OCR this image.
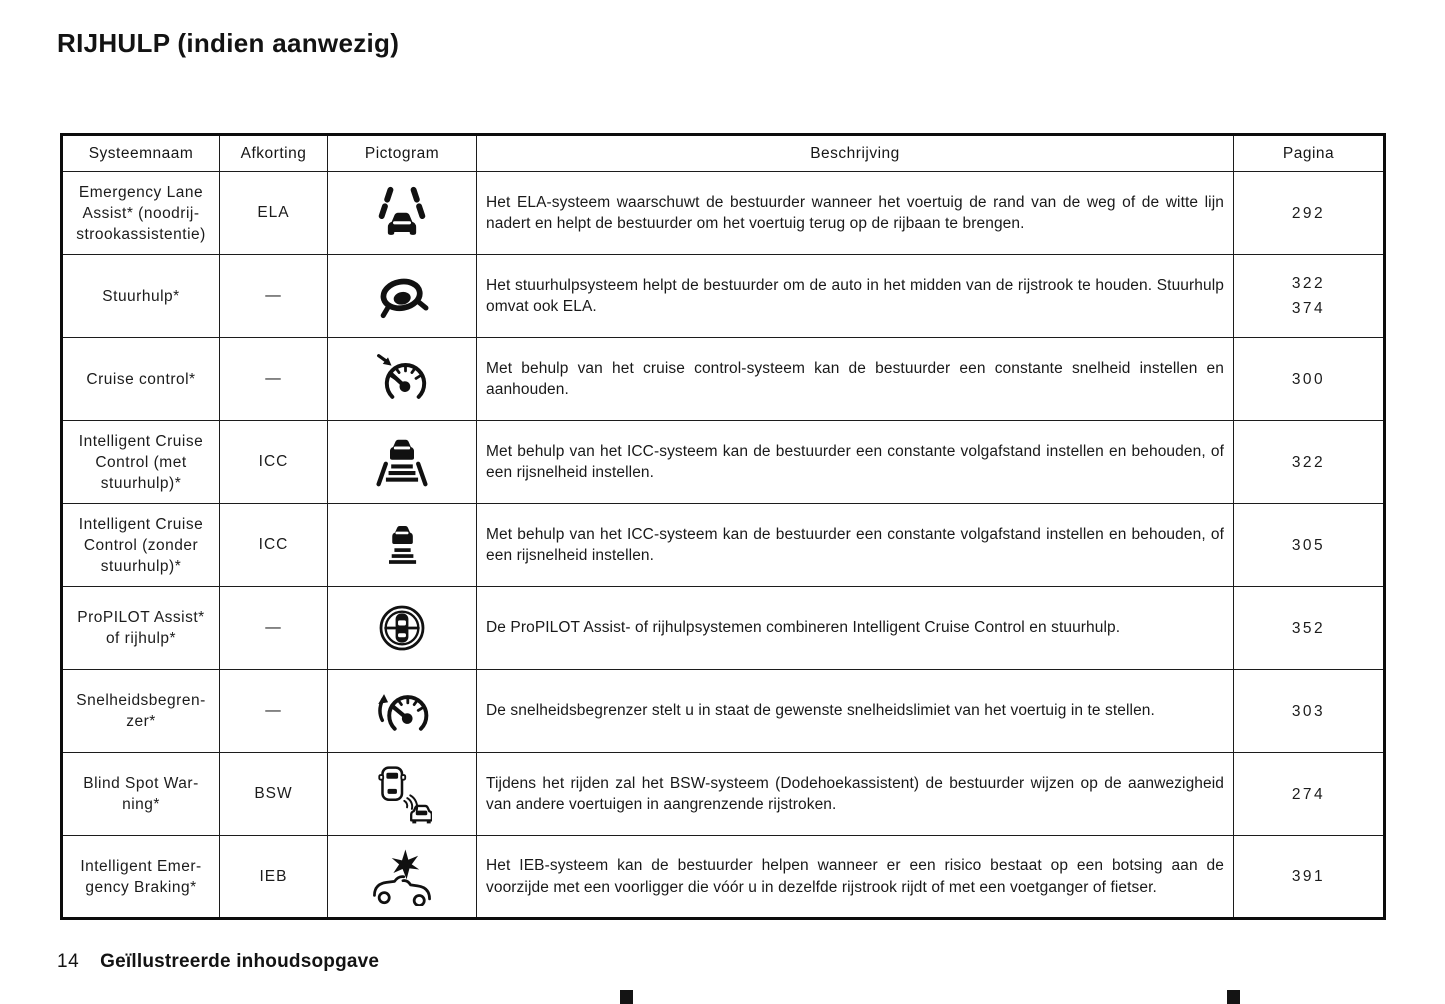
RIJHULP (indien aanwezig)
Systeemnaam	Afkorting	Pictogram	Beschrijving	Pagina
Emergency Lane Assist* (noodrij-strookassistentie)	ELA		Het ELA-systeem waarschuwt de bestuurder wanneer het voertuig de rand van de weg of de witte lijn nadert en helpt de bestuurder om het voertuig terug op de rijbaan te brengen.	292

Stuurhulp*	—		Het stuurhulpsysteem helpt de bestuurder om de auto in het midden van de rijstrook te houden. Stuurhulp omvat ook ELA.	322
374

Cruise control*	—		Met behulp van het cruise control-systeem kan de bestuurder een constante snelheid instellen en aanhouden.	300

Intelligent Cruise Control (met stuurhulp)*	ICC		Met behulp van het ICC-systeem kan de bestuurder een constante volgafstand instellen en behouden, of een rijsnelheid instellen.	322

Intelligent Cruise Control (zonder stuurhulp)*	ICC		Met behulp van het ICC-systeem kan de bestuurder een constante volgafstand instellen en behouden, of een rijsnelheid instellen.	305

ProPILOT Assist* of rijhulp*	—		De ProPILOT Assist- of rijhulpsystemen combineren Intelligent Cruise Control en stuurhulp.	352

Snelheidsbegren-zer*	—		De snelheidsbegrenzer stelt u in staat de gewenste snelheidslimiet van het voertuig in te stellen.	303

Blind Spot War-ning*	BSW		Tijdens het rijden zal het BSW-systeem (Dodehoekassistent) de bestuurder wijzen op de aanwezigheid van andere voertuigen in aangrenzende rijstroken.	274

Intelligent Emer-gency Braking*	IEB		Het IEB-systeem kan de bestuurder helpen wanneer er een risico bestaat op een botsing aan de voorzijde met een voorligger die vóór u in dezelfde rijstrook rijdt of met een voetganger of fietser.	391
14 Geïllustreerde inhoudsopgave
